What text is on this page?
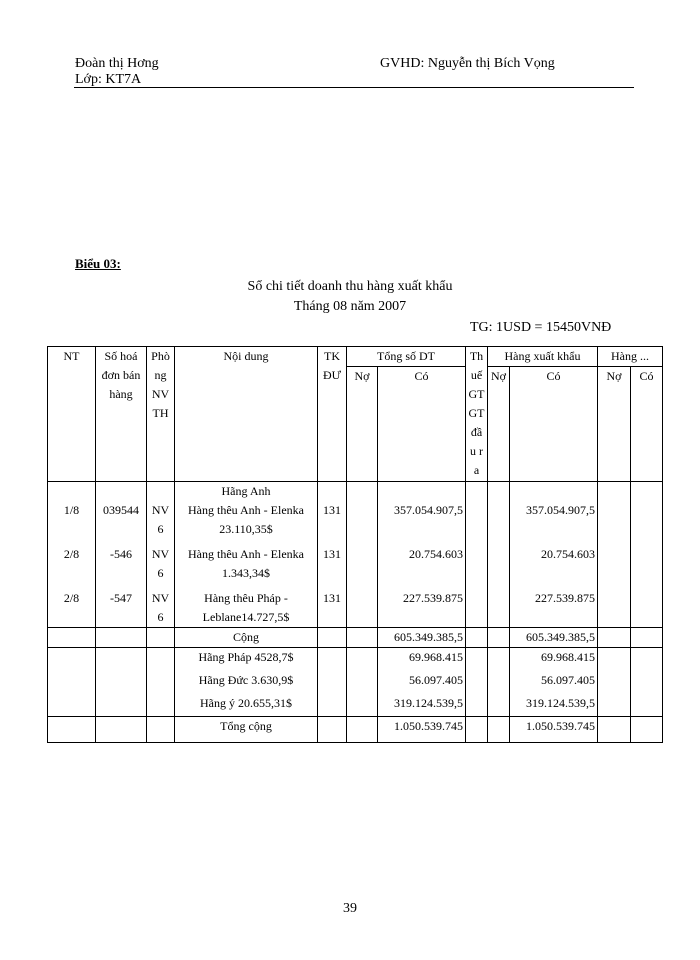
Đoàn thị Hơng
Lớp: KT7A
GVHD: Nguyễn thị Bích Vọng
Biểu 03:
Sổ chi tiết doanh thu hàng xuất khẩu
Tháng 08 năm 2007
TG: 1USD = 15450VNĐ
NT	Số hoá đơn bán hàng	Phòng NV TH	Nội dung	TK ĐƯ	Tổng số DT		Thuế GTGT đầu ra	Hàng xuất khẩu		Hàng ...	
					Nợ	Có		Nợ	Có	Nợ	Có
			Hãng Anh								
1/8	039544	NV 6	Hàng thêu Anh - Elenka 23.110,35$	131		357.054.907,5			357.054.907,5		

2/8	-546	NV 6	Hàng thêu Anh - Elenka 1.343,34$	131		20.754.603			20.754.603		

2/8	-547	NV 6	Hàng thêu Pháp - Leblane14.727,5$	131		227.539.875			227.539.875		
			Cộng			605.349.385,5			605.349.385,5		
			Hãng Pháp 4528,7$			69.968.415			69.968.415		
			Hãng Đức 3.630,9$			56.097.405			56.097.405		
			Hãng ý 20.655,31$			319.124.539,5			319.124.539,5		
			Tổng cộng			1.050.539.745			1.050.539.745		
39
